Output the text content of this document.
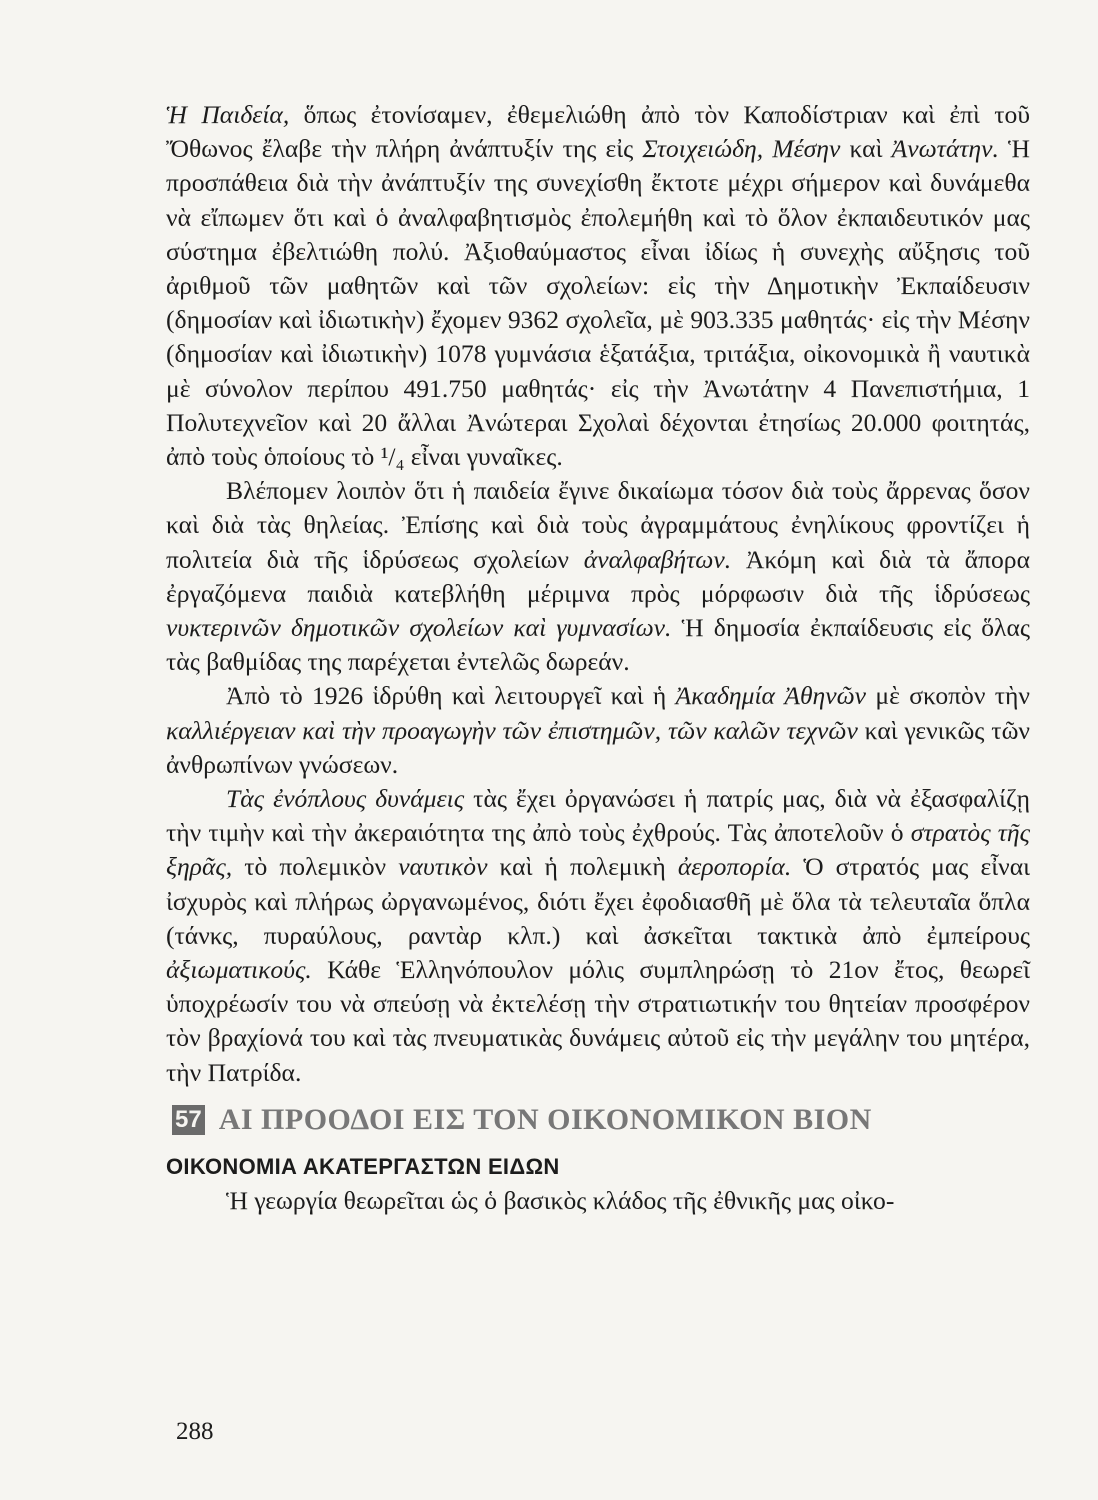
Ἡ Παιδεία, ὅπως ἐτονίσαμεν, ἐθεμελιώθη ἀπὸ τὸν Καποδίστριαν καὶ ἐπὶ τοῦ Ὄθωνος ἔλαβε τὴν πλήρη ἀνάπτυξίν της εἰς Στοιχειώδη, Μέσην καὶ Ἀνωτάτην. Ἡ προσπάθεια διὰ τὴν ἀνάπτυξίν της συνεχίσθη ἔκτοτε μέχρι σήμερον καὶ δυνάμεθα νὰ εἴπωμεν ὅτι καὶ ὁ ἀναλφαβητισμὸς ἐπολεμήθη καὶ τὸ ὅλον ἐκπαιδευτικόν μας σύστημα ἐβελτιώθη πολύ. Ἀξιοθαύμαστος εἶναι ἰδίως ἡ συνεχὴς αὔξησις τοῦ ἀριθμοῦ τῶν μαθητῶν καὶ τῶν σχολείων: εἰς τὴν Δημοτικὴν Ἐκπαίδευσιν (δημοσίαν καὶ ἰδιωτικὴν) ἔχομεν 9362 σχολεῖα, μὲ 903.335 μαθητάς· εἰς τὴν Μέσην (δημοσίαν καὶ ἰδιωτικὴν) 1078 γυμνάσια ἑξατάξια, τριτάξια, οἰκονομικὰ ἢ ναυτικὰ μὲ σύνολον περίπου 491.750 μαθητάς· εἰς τὴν Ἀνωτάτην 4 Πανεπιστήμια, 1 Πολυτεχνεῖον καὶ 20 ἄλλαι Ἀνώτεραι Σχολαὶ δέχονται ἐτησίως 20.000 φοιτητάς, ἀπὸ τοὺς ὁποίους τὸ ¹/₄ εἶναι γυναῖκες.

Βλέπομεν λοιπὸν ὅτι ἡ παιδεία ἔγινε δικαίωμα τόσον διὰ τοὺς ἄρρενας ὅσον καὶ διὰ τὰς θηλείας. Ἐπίσης καὶ διὰ τοὺς ἀγραμμάτους ἐνηλίκους φροντίζει ἡ πολιτεία διὰ τῆς ἱδρύσεως σχολείων ἀναλφαβήτων. Ἀκόμη καὶ διὰ τὰ ἄπορα ἐργαζόμενα παιδιὰ κατεβλήθη μέριμνα πρὸς μόρφωσιν διὰ τῆς ἱδρύσεως νυκτερινῶν δημοτικῶν σχολείων καὶ γυμνασίων. Ἡ δημοσία ἐκπαίδευσις εἰς ὅλας τὰς βαθμίδας της παρέχεται ἐντελῶς δωρεάν.

Ἀπὸ τὸ 1926 ἱδρύθη καὶ λειτουργεῖ καὶ ἡ Ἀκαδημία Ἀθηνῶν μὲ σκοπὸν τὴν καλλιέργειαν καὶ τὴν προαγωγὴν τῶν ἐπιστημῶν, τῶν καλῶν τεχνῶν καὶ γενικῶς τῶν ἀνθρωπίνων γνώσεων.

Τὰς ἐνόπλους δυνάμεις τὰς ἔχει ὀργανώσει ἡ πατρίς μας, διὰ νὰ ἐξασφαλίζῃ τὴν τιμὴν καὶ τὴν ἀκεραιότητα της ἀπὸ τοὺς ἐχθρούς. Τὰς ἀποτελοῦν ὁ στρατὸς τῆς ξηρᾶς, τὸ πολεμικὸν ναυτικὸν καὶ ἡ πολεμικὴ ἀεροπορία. Ὁ στρατός μας εἶναι ἰσχυρὸς καὶ πλήρως ὠργανωμένος, διότι ἔχει ἐφοδιασθῆ μὲ ὅλα τὰ τελευταῖα ὅπλα (τάνκς, πυραύλους, ραντὰρ κλπ.) καὶ ἀσκεῖται τακτικὰ ἀπὸ ἐμπείρους ἀξιωματικούς. Κάθε Ἑλληνόπουλον μόλις συμπληρώσῃ τὸ 21ον ἔτος, θεωρεῖ ὑποχρέωσίν του νὰ σπεύσῃ νὰ ἐκτελέσῃ τὴν στρατιωτικήν του θητείαν προσφέρον τὸν βραχίονά του καὶ τὰς πνευματικὰς δυνάμεις αὐτοῦ εἰς τὴν μεγάλην του μητέρα, τὴν Πατρίδα.

57 ΑΙ ΠΡΟΟΔΟΙ ΕΙΣ ΤΟΝ ΟΙΚΟΝΟΜΙΚΟΝ ΒΙΟΝ
ΟΙΚΟΝΟΜΙΑ ΑΚΑΤΕΡΓΑΣΤΩΝ ΕΙΔΩΝ

Ἡ γεωργία θεωρεῖται ὡς ὁ βασικὸς κλάδος τῆς ἐθνικῆς μας οἰκο-

288
